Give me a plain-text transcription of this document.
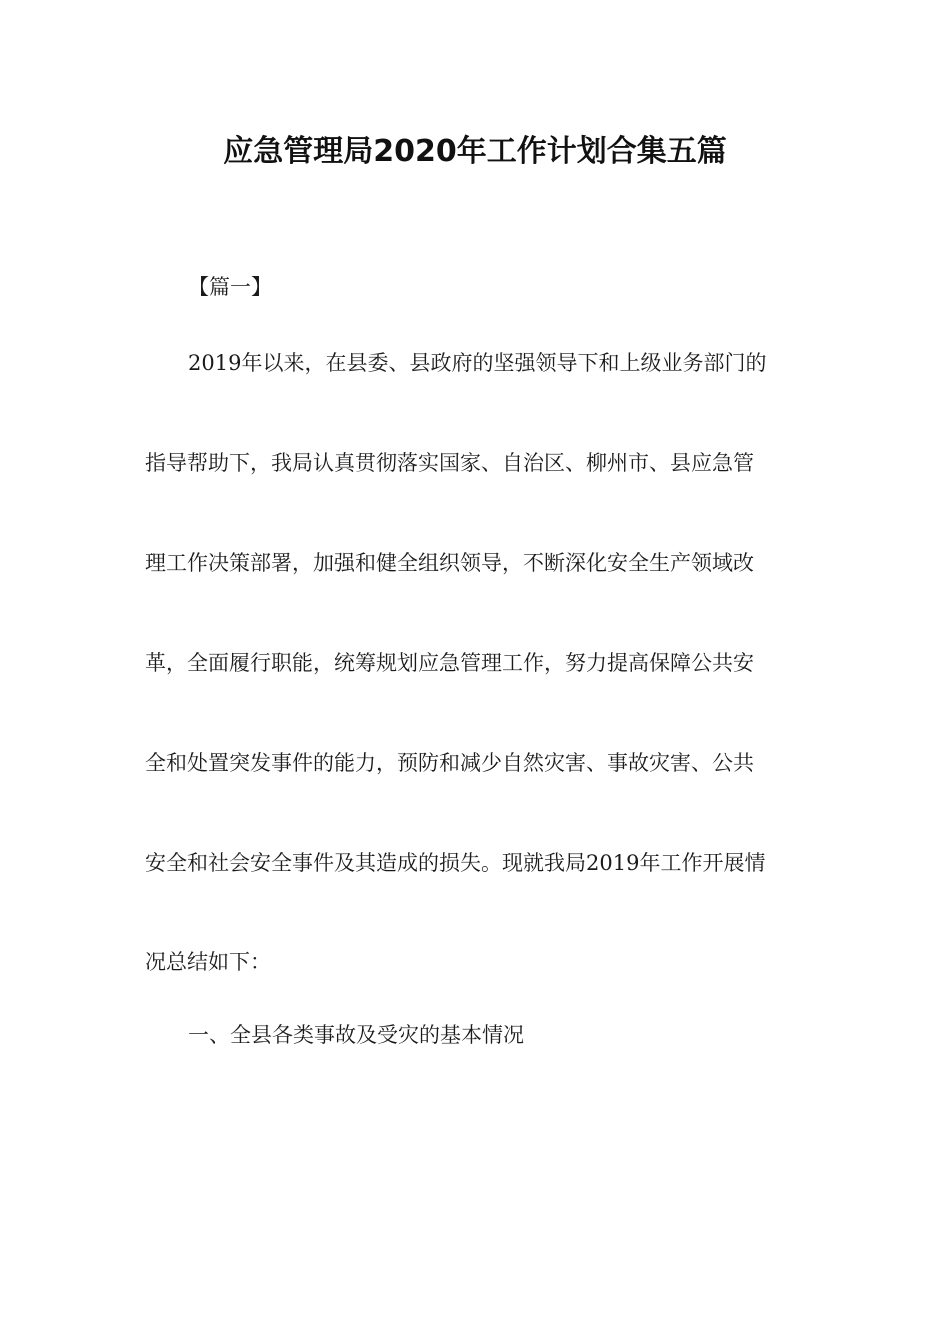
应急管理局2020年工作计划合集五篇
【篇一】
2019年以来，在县委、县政府的坚强领导下和上级业务部门的
指导帮助下，我局认真贯彻落实国家、自治区、柳州市、县应急管
理工作决策部署，加强和健全组织领导，不断深化安全生产领域改
革，全面履行职能，统筹规划应急管理工作，努力提高保障公共安
全和处置突发事件的能力，预防和减少自然灾害、事故灾害、公共
安全和社会安全事件及其造成的损失。现就我局2019年工作开展情
况总结如下：
一、全县各类事故及受灾的基本情况
